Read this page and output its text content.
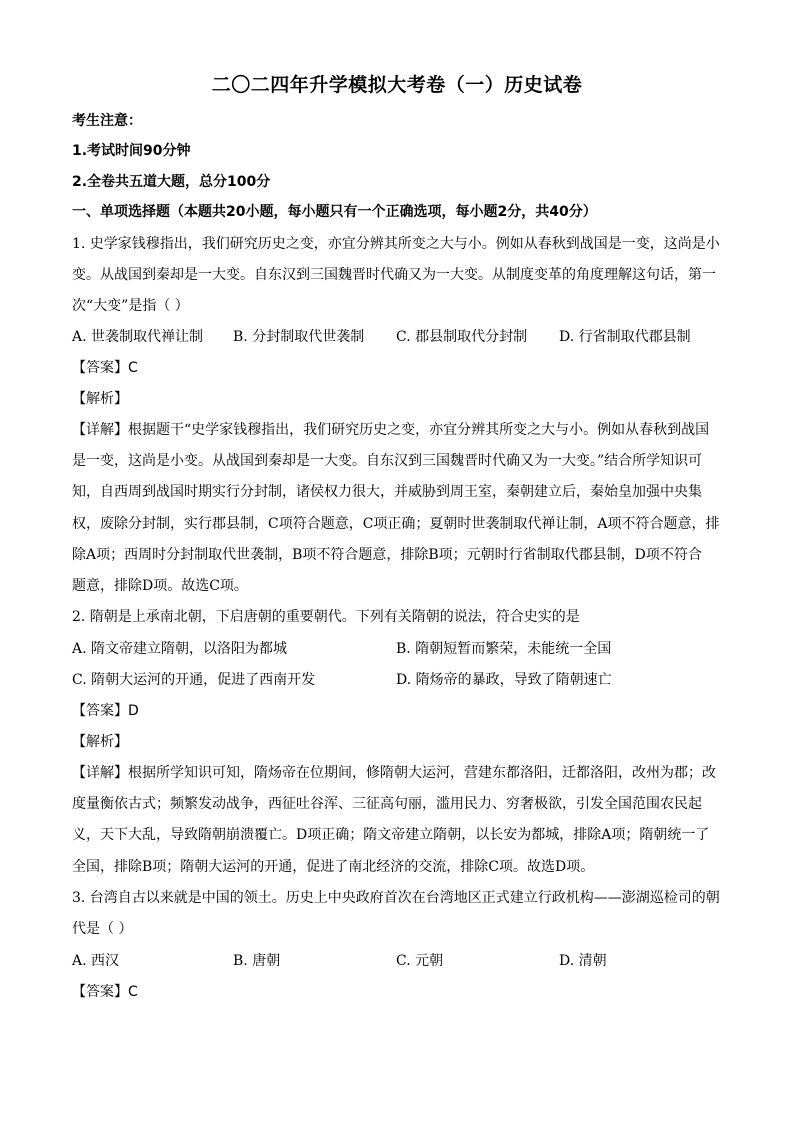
二〇二四年升学模拟大考卷（一）历史试卷
考生注意：
1.考试时间90分钟
2.全卷共五道大题，总分100分
一、单项选择题（本题共20小题，每小题只有一个正确选项，每小题2分，共40分）
1. 史学家钱穆指出，我们研究历史之变，亦宜分辨其所变之大与小。例如从春秋到战国是一变，这尚是小
变。从战国到秦却是一大变。自东汉到三国魏晋时代确又为一大变。从制度变革的角度理解这句话，第一
次“大变”是指（ ）
A. 世袭制取代禅让制 B. 分封制取代世袭制 C. 郡县制取代分封制 D. 行省制取代郡县制
【答案】C
【解析】
【详解】根据题干“史学家钱穆指出，我们研究历史之变，亦宜分辨其所变之大与小。例如从春秋到战国
是一变，这尚是小变。从战国到秦却是一大变。自东汉到三国魏晋时代确又为一大变。”结合所学知识可
知，自西周到战国时期实行分封制，诸侯权力很大，并威胁到周王室，秦朝建立后，秦始皇加强中央集
权，废除分封制，实行郡县制，C项符合题意，C项正确；夏朝时世袭制取代禅让制，A项不符合题意，排
除A项；西周时分封制取代世袭制，B项不符合题意，排除B项；元朝时行省制取代郡县制，D项不符合
题意，排除D项。故选C项。
2. 隋朝是上承南北朝，下启唐朝的重要朝代。下列有关隋朝的说法，符合史实的是
A. 隋文帝建立隋朝，以洛阳为都城	B. 隋朝短暂而繁荣，未能统一全国
C. 隋朝大运河的开通，促进了西南开发	D. 隋炀帝的暴政，导致了隋朝速亡
【答案】D
【解析】
【详解】根据所学知识可知，隋炀帝在位期间，修隋朝大运河，营建东都洛阳，迁都洛阳，改州为郡；改
度量衡依古式；频繁发动战争，西征吐谷浑、三征高句丽，滥用民力、穷奢极欲，引发全国范围农民起
义，天下大乱，导致隋朝崩溃覆亡。D项正确；隋文帝建立隋朝，以长安为都城，排除A项；隋朝统一了
全国，排除B项；隋朝大运河的开通，促进了南北经济的交流，排除C项。故选D项。
3. 台湾自古以来就是中国的领土。历史上中央政府首次在台湾地区正式建立行政机构——澎湖巡检司的朝
代是（ ）
A. 西汉	B. 唐朝	C. 元朝	D. 清朝
【答案】C
